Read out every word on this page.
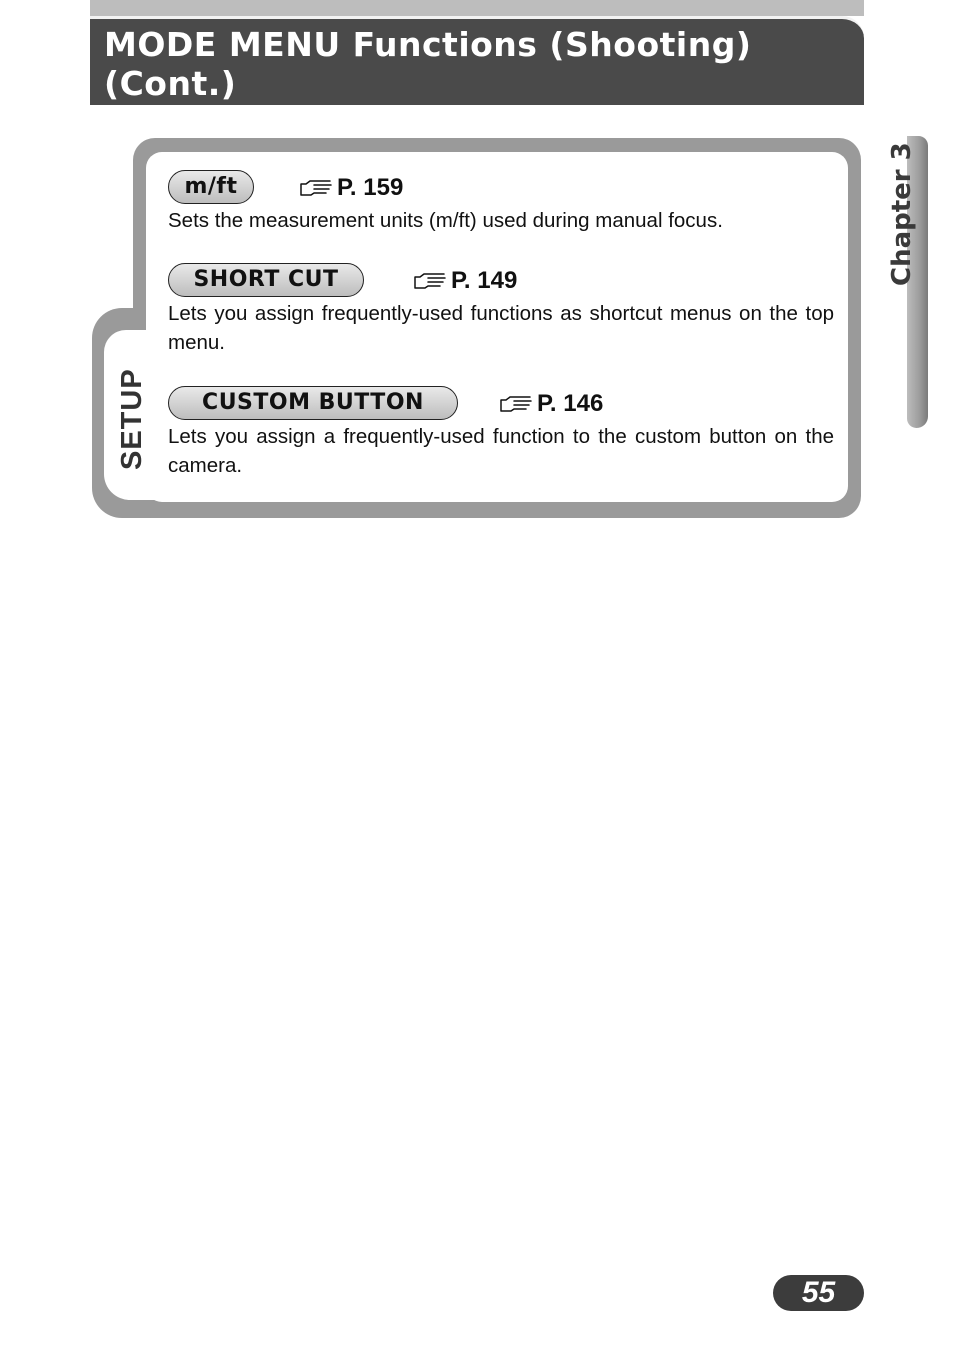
MODE MENU Functions (Shooting)
(Cont.)
Chapter 3
SETUP
m/ft	P. 159

Sets the measurement units (m/ft) used during manual focus.

SHORT CUT	P. 149

Lets you assign frequently-used functions as shortcut menus on the top menu.

CUSTOM BUTTON	P. 146

Lets you assign a frequently-used function to the custom button on the camera.

55
